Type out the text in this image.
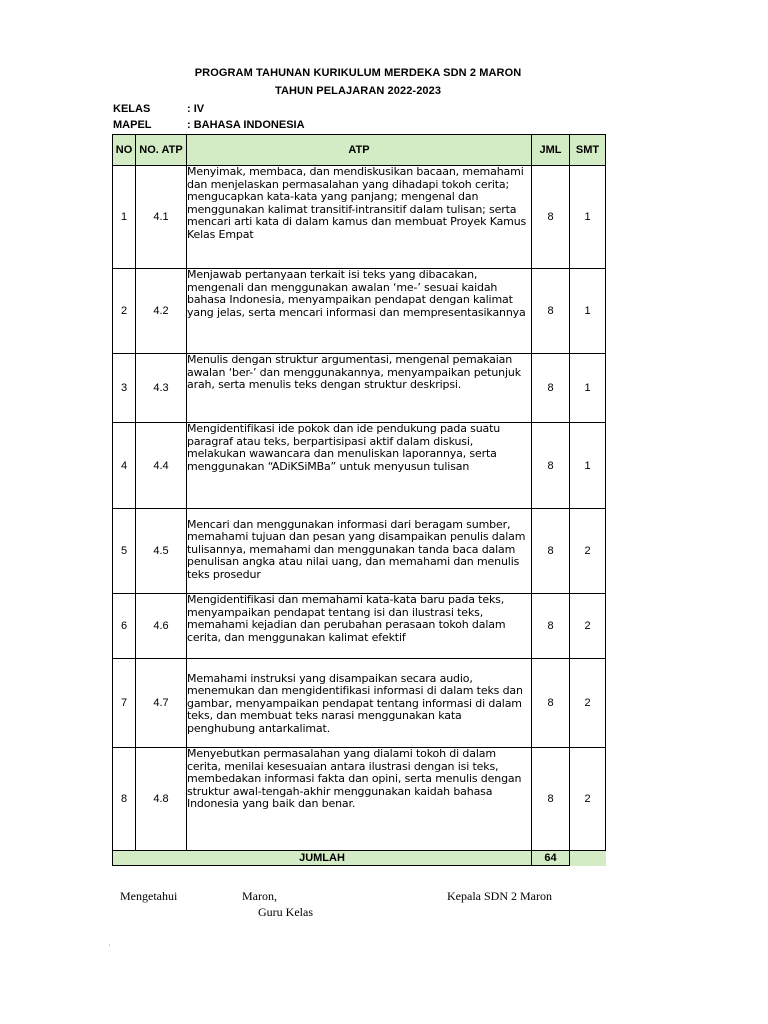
PROGRAM TAHUNAN KURIKULUM MERDEKA SDN 2 MARON
TAHUN PELAJARAN 2022-2023
KELAS	: IV
MAPEL	: BAHASA INDONESIA
NO	NO. ATP	ATP	JML	SMT
1	4.1	Menyimak, membaca, dan mendiskusikan bacaan, memahami dan menjelaskan permasalahan yang dihadapi tokoh cerita; mengucapkan kata-kata yang panjang; mengenal dan menggunakan kalimat transitif-intransitif dalam tulisan; serta mencari arti kata di dalam kamus dan membuat Proyek Kamus Kelas Empat	8	1
2	4.2	Menjawab pertanyaan terkait isi teks yang dibacakan, mengenali dan menggunakan awalan ‘me-’ sesuai kaidah bahasa Indonesia, menyampaikan pendapat dengan kalimat yang jelas, serta mencari informasi dan mempresentasikannya	8	1
3	4.3	Menulis dengan struktur argumentasi, mengenal pemakaian awalan ‘ber-’ dan menggunakannya, menyampaikan petunjuk arah, serta menulis teks dengan struktur deskripsi.	8	1
4	4.4	Mengidentifikasi ide pokok dan ide pendukung pada suatu paragraf atau teks, berpartisipasi aktif dalam diskusi, melakukan wawancara dan menuliskan laporannya, serta menggunakan “ADiKSiMBa” untuk menyusun tulisan	8	1
5	4.5	Mencari dan menggunakan informasi dari beragam sumber, memahami tujuan dan pesan yang disampaikan penulis dalam tulisannya, memahami dan menggunakan tanda baca dalam penulisan angka atau nilai uang, dan memahami dan menulis teks prosedur	8	2
6	4.6	Mengidentifikasi dan memahami kata-kata baru pada teks, menyampaikan pendapat tentang isi dan ilustrasi teks, memahami kejadian dan perubahan perasaan tokoh dalam cerita, dan menggunakan kalimat efektif	8	2
7	4.7	Memahami instruksi yang disampaikan secara audio, menemukan dan mengidentifikasi informasi di dalam teks dan gambar, menyampaikan pendapat tentang informasi di dalam teks, dan membuat teks narasi menggunakan kata penghubung antarkalimat.	8	2
8	4.8	Menyebutkan permasalahan yang dialami tokoh di dalam cerita, menilai kesesuaian antara ilustrasi dengan isi teks, membedakan informasi fakta dan opini, serta menulis dengan struktur awal-tengah-akhir menggunakan kaidah bahasa Indonesia yang baik dan benar.	8	2
JUMLAH			64	
Mengetahui	Maron,
Guru Kelas
Kepala SDN 2 Maron
'
